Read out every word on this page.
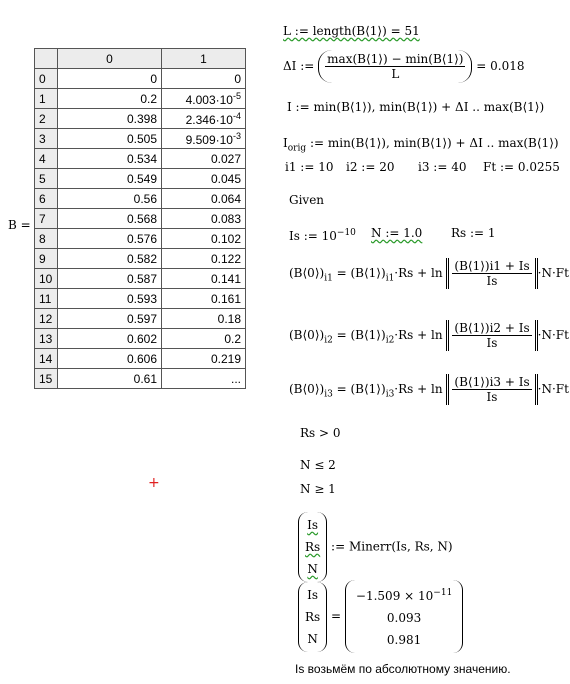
B =
	0	1
0	0	0
1	0.2	$4.003\cdot 10^{-5}$
2	0.398	$2.346\cdot 10^{-4}$
3	0.505	$9.509\cdot 10^{-3}$
4	0.534	0.027
5	0.549	0.045
6	0.56	0.064
7	0.568	0.083
8	0.576	0.102
9	0.582	0.122
10	0.587	0.141
11	0.593	0.161
12	0.597	0.18
13	0.602	0.2
14	0.606	0.219
15	0.61	...
+
L := length(B⟨1⟩) = 51
ΔI := $\frac{\max(B⟨1⟩) - \min(B⟨1⟩)}{L} = 0.018$
I := min(B⟨1⟩), min(B⟨1⟩) + ΔI .. max(B⟨1⟩)
$I_{orig}$ := min(B⟨1⟩), min(B⟨1⟩) + ΔI .. max(B⟨1⟩)
i1 := 10 i2 := 20 i3 := 40 Ft := 0.0255
Given
Is := $10^{-10}$ N := 1.0 Rs := 1
$(B⟨0⟩)_{i1}$ = $(B⟨1⟩)_{i1}\cdot Rs + \ln \frac{(B⟨1⟩)i1 + Is}{Is} \cdot N\cdot Ft$
$(B⟨0⟩)_{i2}$ = $(B⟨1⟩)_{i2}\cdot Rs + \ln \frac{(B⟨1⟩)i2 + Is}{Is} \cdot N\cdot Ft$
$(B⟨0⟩)_{i3}$ = $(B⟨1⟩)_{i3}\cdot Rs + \ln \frac{(B⟨1⟩)i3 + Is}{Is} \cdot N\cdot Ft$
Rs > 0
N ≤ 2
N ≥ 1
Is
Rs
N
:= Minerr(Is, Rs, N)
Is
Rs
N
=
$-1.509 \times 10^{-11}$
0.093
0.981
Is возьмём по абсолютному значению.
